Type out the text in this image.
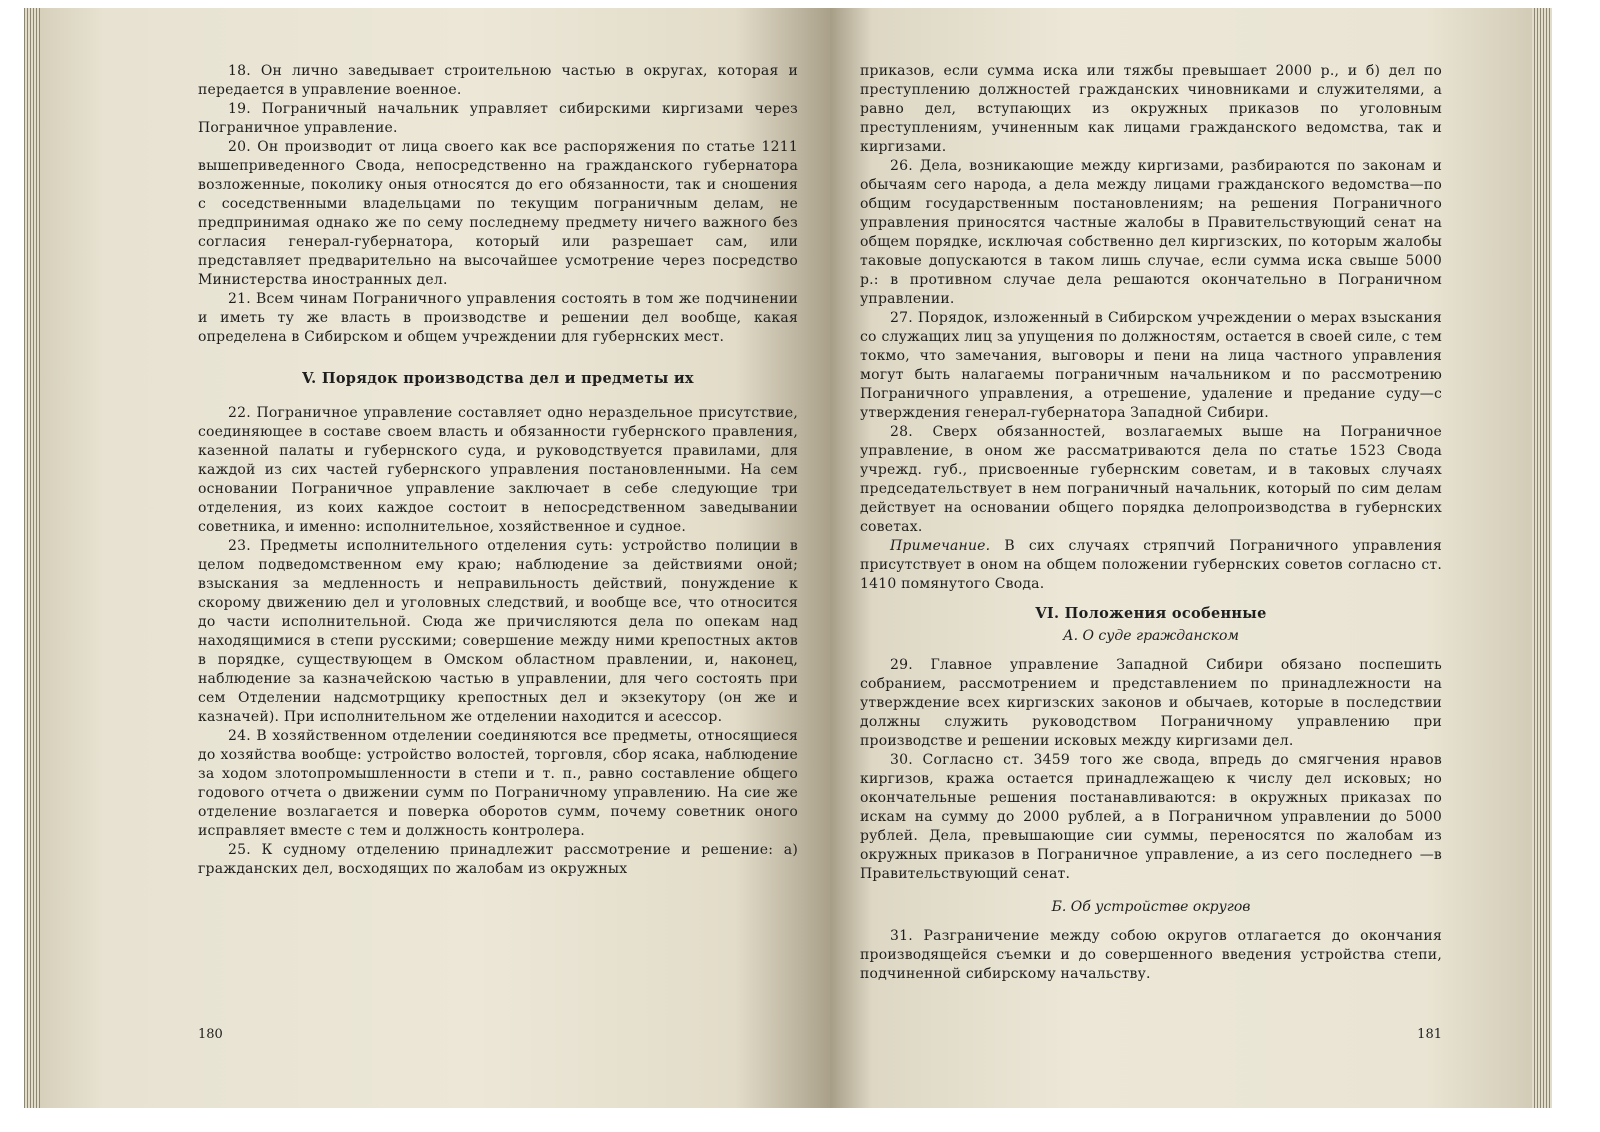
18. Он лично заведывает строительною частью в округах, которая и передается в управление военное.

19. Пограничный начальник управляет сибирскими киргизами через Пограничное управление.

20. Он производит от лица своего как все распоряжения по статье 1211 вышеприведенного Свода, непосредственно на гражданского губернатора возложенные, поколику оныя относятся до его обязанности, так и сношения с соседственными владельцами по текущим пограничным делам, не предпринимая однако же по сему последнему предмету ничего важного без согласия генерал-губернатора, который или разрешает сам, или представляет предварительно на высочайшее усмотрение через посредство Министерства иностранных дел.

21. Всем чинам Пограничного управления состоять в том же подчинении и иметь ту же власть в производстве и решении дел вообще, какая определена в Сибирском и общем учреждении для губернских мест.

V. Порядок производства дел и предметы их

22. Пограничное управление составляет одно нераздельное присутствие, соединяющее в составе своем власть и обязанности губернского правления, казенной палаты и губернского суда, и руководствуется правилами, для каждой из сих частей губернского управления постановленными. На сем основании Пограничное управление заключает в себе следующие три отделения, из коих каждое состоит в непосредственном заведывании советника, и именно: исполнительное, хозяйственное и судное.

23. Предметы исполнительного отделения суть: устройство полиции в целом подведомственном ему краю; наблюдение за действиями оной; взыскания за медленность и неправильность действий, понуждение к скорому движению дел и уголовных следствий, и вообще все, что относится до части исполнительной. Сюда же причисляются дела по опекам над находящимися в степи русскими; совершение между ними крепостных актов в порядке, существующем в Омском областном правлении, и, наконец, наблюдение за казначейскою частью в управлении, для чего состоять при сем Отделении надсмотрщику крепостных дел и экзекутору (он же и казначей). При исполнительном же отделении находится и асессор.

24. В хозяйственном отделении соединяются все предметы, относящиеся до хозяйства вообще: устройство волостей, торговля, сбор ясака, наблюдение за ходом злотопромышленности в степи и т. п., равно составление общего годового отчета о движении сумм по Пограничному управлению. На сие же отделение возлагается и поверка оборотов сумм, почему советник оного исправляет вместе с тем и должность контролера.

25. К судному отделению принадлежит рассмотрение и решение: а) гражданских дел, восходящих по жалобам из окружных

180

приказов, если сумма иска или тяжбы превышает 2000 р., и б) дел по преступлению должностей гражданских чиновниками и служителями, а равно дел, вступающих из окружных приказов по уголовным преступлениям, учиненным как лицами гражданского ведомства, так и киргизами.

26. Дела, возникающие между киргизами, разбираются по законам и обычаям сего народа, а дела между лицами гражданского ведомства—по общим государственным постановлениям; на решения Пограничного управления приносятся частные жалобы в Правительствующий сенат на общем порядке, исключая собственно дел киргизских, по которым жалобы таковые допускаются в таком лишь случае, если сумма иска свыше 5000 р.: в противном случае дела решаются окончательно в Пограничном управлении.

27. Порядок, изложенный в Сибирском учреждении о мерах взыскания со служащих лиц за упущения по должностям, остается в своей силе, с тем токмо, что замечания, выговоры и пени на лица частного управления могут быть налагаемы пограничным начальником и по рассмотрению Пограничного управления, а отрешение, удаление и предание суду—с утверждения генерал-губернатора Западной Сибири.

28. Сверх обязанностей, возлагаемых выше на Пограничное управление, в оном же рассматриваются дела по статье 1523 Свода учрежд. губ., присвоенные губернским советам, и в таковых случаях председательствует в нем пограничный начальник, который по сим делам действует на основании общего порядка делопроизводства в губернских советах.

Примечание. В сих случаях стряпчий Пограничного управления присутствует в оном на общем положении губернских советов согласно ст. 1410 помянутого Свода.

VI. Положения особенные
А. О суде гражданском

29. Главное управление Западной Сибири обязано поспешить собранием, рассмотрением и представлением по принадлежности на утверждение всех киргизских законов и обычаев, которые в последствии должны служить руководством Пограничному управлению при производстве и решении исковых между киргизами дел.

30. Согласно ст. 3459 того же свода, впредь до смягчения нравов киргизов, кража остается принадлежащею к числу дел исковых; но окончательные решения постанавливаются: в окружных приказах по искам на сумму до 2000 рублей, а в Пограничном управлении до 5000 рублей. Дела, превышающие сии суммы, переносятся по жалобам из окружных приказов в Пограничное управление, а из сего последнего —в Правительствующий сенат.

Б. Об устройстве округов

31. Разграничение между собою округов отлагается до окончания производящейся съемки и до совершенного введения устройства степи, подчиненной сибирскому начальству.

181
